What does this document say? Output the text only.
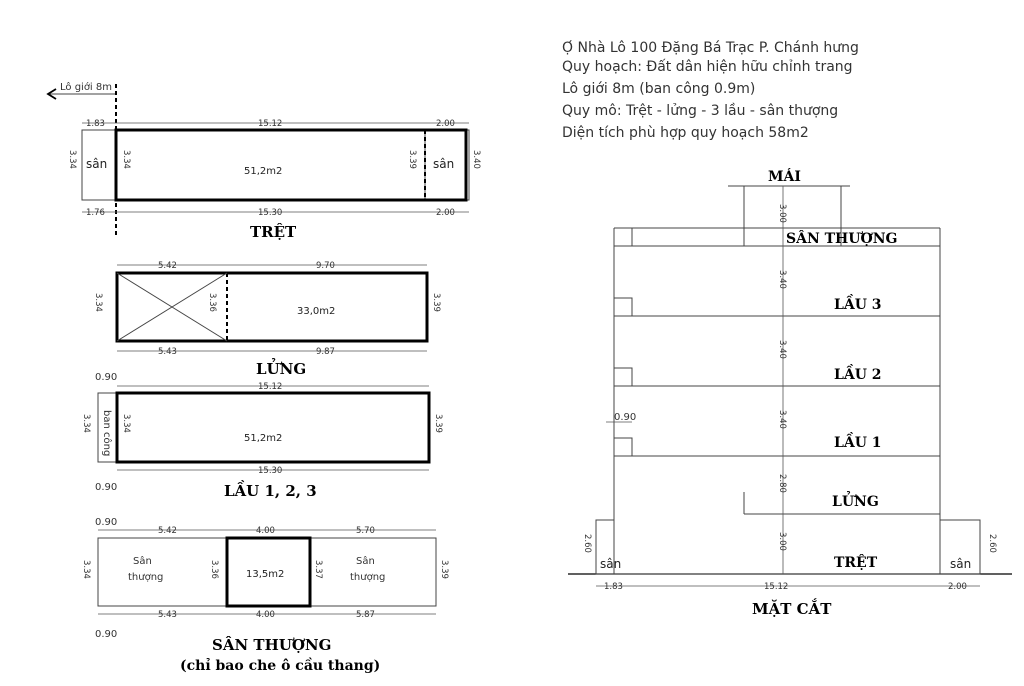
Lô giới 8m
1.83	15.12	2.00
1.76	15.30	2.00
3.34	3.34	3.39	3.40
sân	sân
51,2m2
TRỆT
5.42	9.70
5.43	9.87
3.34	3.36	3.39
33,0m2
LỬNG
0.90
15.12
15.30
0.90
3.34	3.34	3.39
ban công	51,2m2
LẦU 1, 2, 3
0.90
5.42	4.00	5.70
5.43	4.00	5.87
0.90
3.34	3.36	3.37	3.39
Sân
thượng
Sân
thượng
13,5m2
SÂN THƯỢNG
(chỉ bao che ô cầu thang)
Ọ́ Nhà Lô 100 Đặng Bá Trạc P. Chánh hưng
Quy hoạch: Đất dân hiện hữu chỉnh trang
Lô giới 8m (ban công 0.9m)
Quy mô: Trệt - lửng - 3 lầu - sân thượng
Diện tích phù hợp quy hoạch 58m2
3.00
3.40
3.40
3.40
2.80
3.00
MÁI
SÂN THƯỢNG
LẦU 3
LẦU 2
LẦU 1
LỬNG
TRỆT
0.90
2.60	2.60
sân	sân
1.83	15.12	2.00
MẶT CẮT
